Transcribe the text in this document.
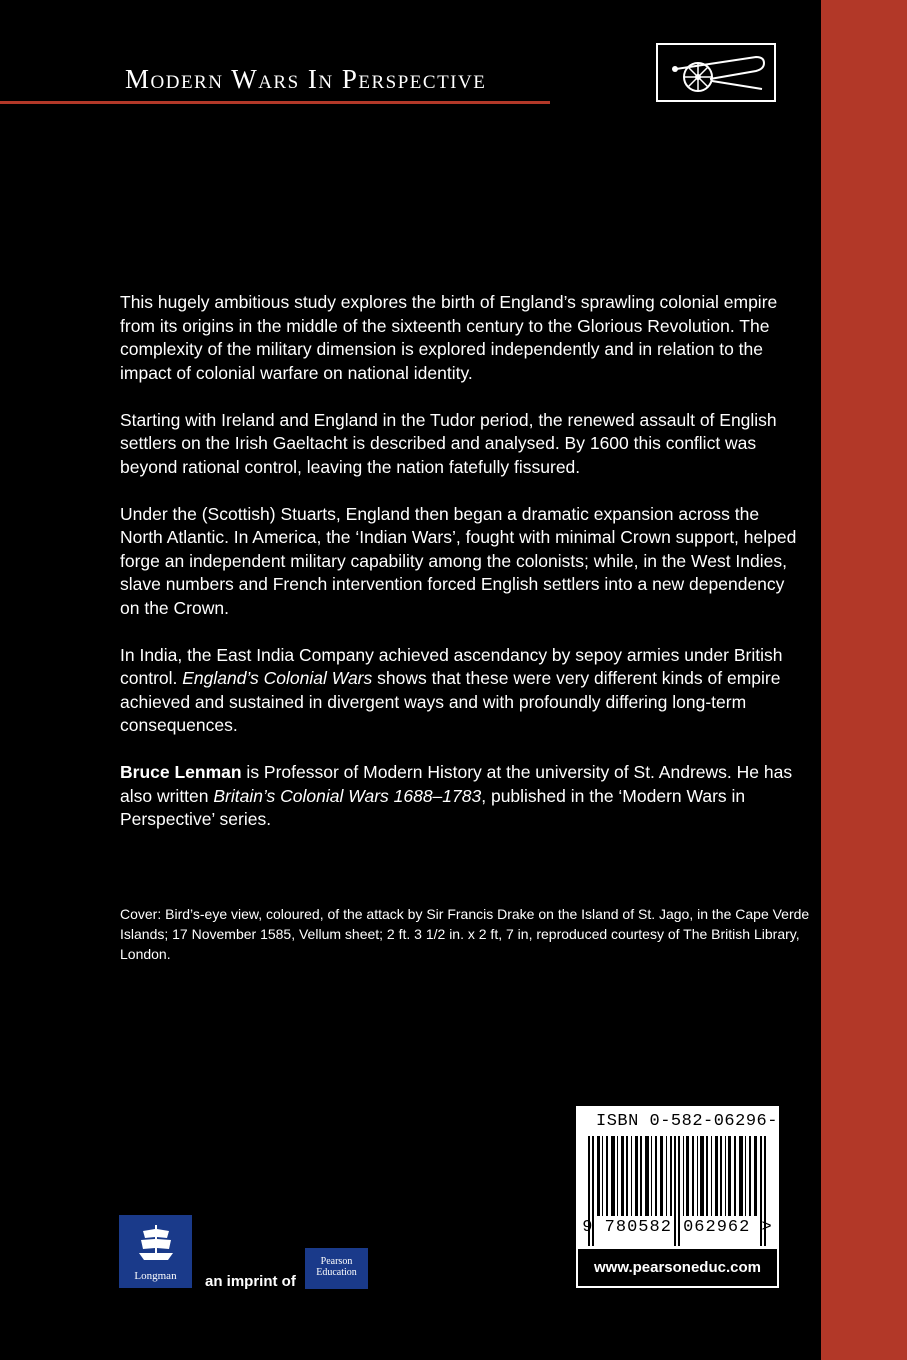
Modern Wars In Perspective

This hugely ambitious study explores the birth of England’s sprawling colonial empire from its origins in the middle of the sixteenth century to the Glorious Revolution. The complexity of the military dimension is explored independently and in relation to the impact of colonial warfare on national identity.

Starting with Ireland and England in the Tudor period, the renewed assault of English settlers on the Irish Gaeltacht is described and analysed. By 1600 this conflict was beyond rational control, leaving the nation fatefully fissured.

Under the (Scottish) Stuarts, England then began a dramatic expansion across the North Atlantic. In America, the ‘Indian Wars’, fought with minimal Crown support, helped forge an independent military capability among the colonists; while, in the West Indies, slave numbers and French intervention forced English settlers into a new dependency on the Crown.

In India, the East India Company achieved ascendancy by sepoy armies under British control. England’s Colonial Wars shows that these were very different kinds of empire achieved and sustained in divergent ways and with profoundly differing long-term consequences.

Bruce Lenman is Professor of Modern History at the university of St. Andrews. He has also written Britain’s Colonial Wars 1688–1783, published in the ‘Modern Wars in Perspective’ series.

Cover: Bird’s-eye view, coloured, of the attack by Sir Francis Drake on the Island of St. Jago, in the Cape Verde Islands; 17 November 1585, Vellum sheet; 2 ft. 3 1/2 in. x 2 ft, 7 in, reproduced courtesy of The British Library, London.
ISBN 0-582-06296-9
9 780582 062962 >
www.pearsoneduc.com
Longman	an imprint of
Pearson
Education
